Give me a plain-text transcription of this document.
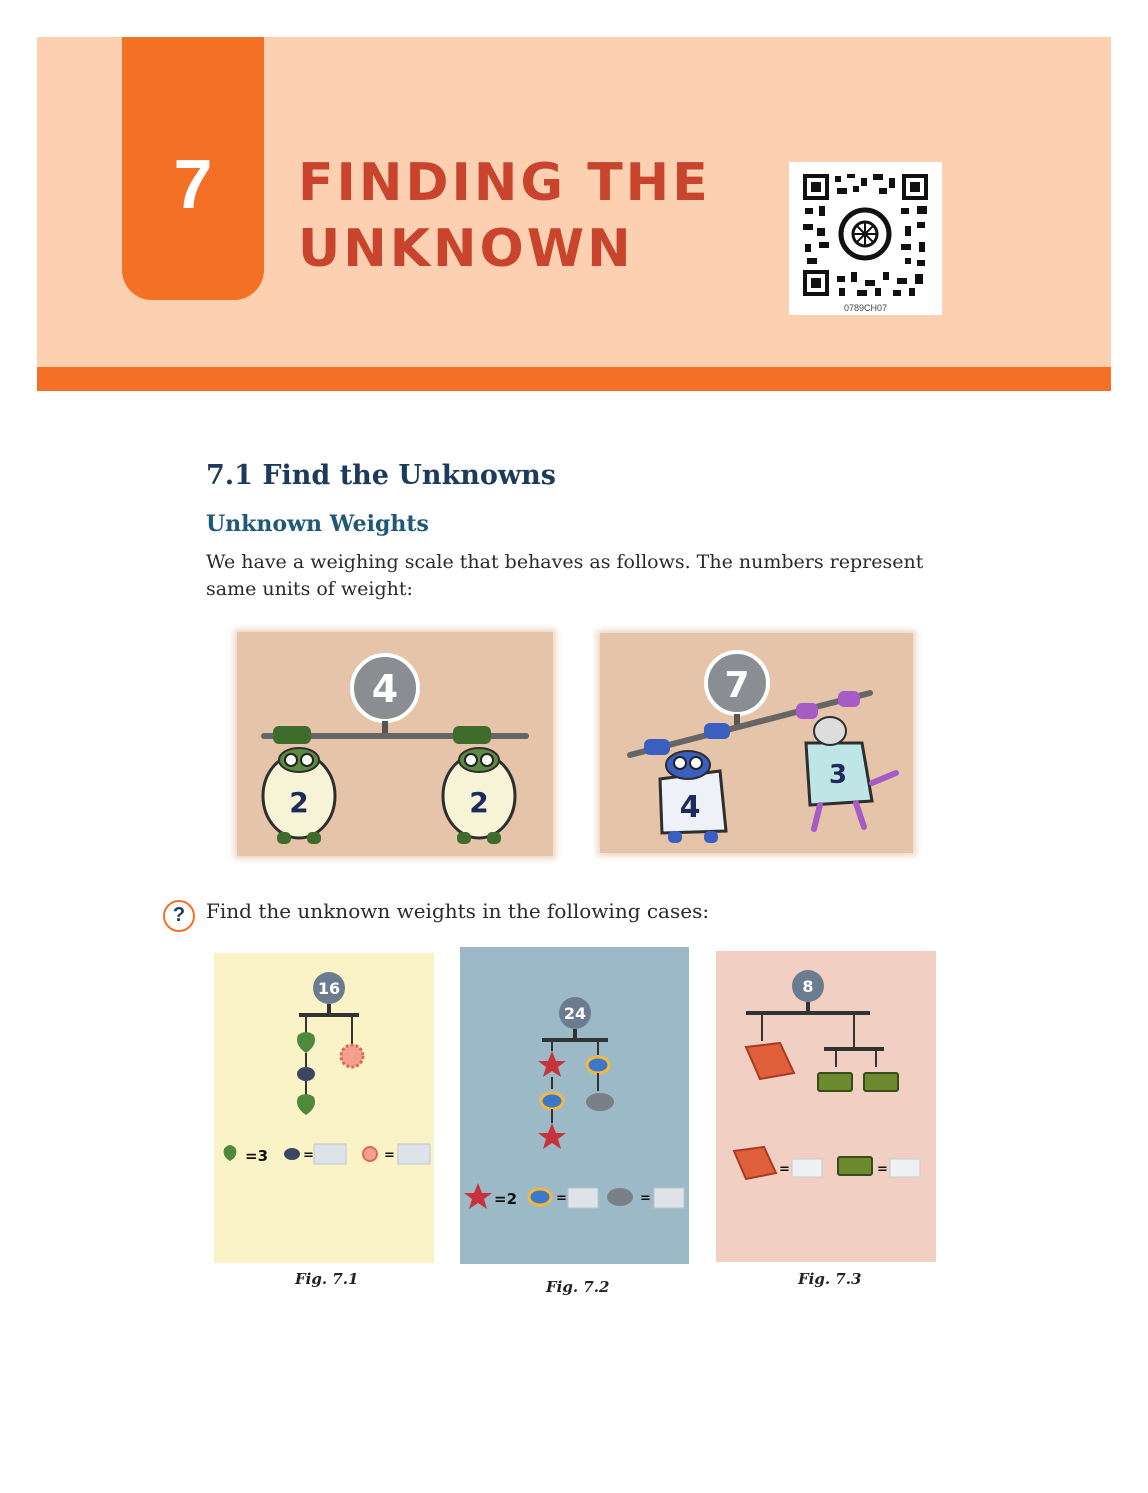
7	FINDING THE
UNKNOWN
0789CH07
7.1 Find the Unknowns
Unknown Weights
We have a weighing scale that behaves as follows. The numbers represent same units of weight:
4
2	2
7
4
3
?	Find the unknown weights in the following cases:
16
=3	=	=
Fig. 7.1
24
=2	=	=
Fig. 7.2
8
=	=
Fig. 7.3
